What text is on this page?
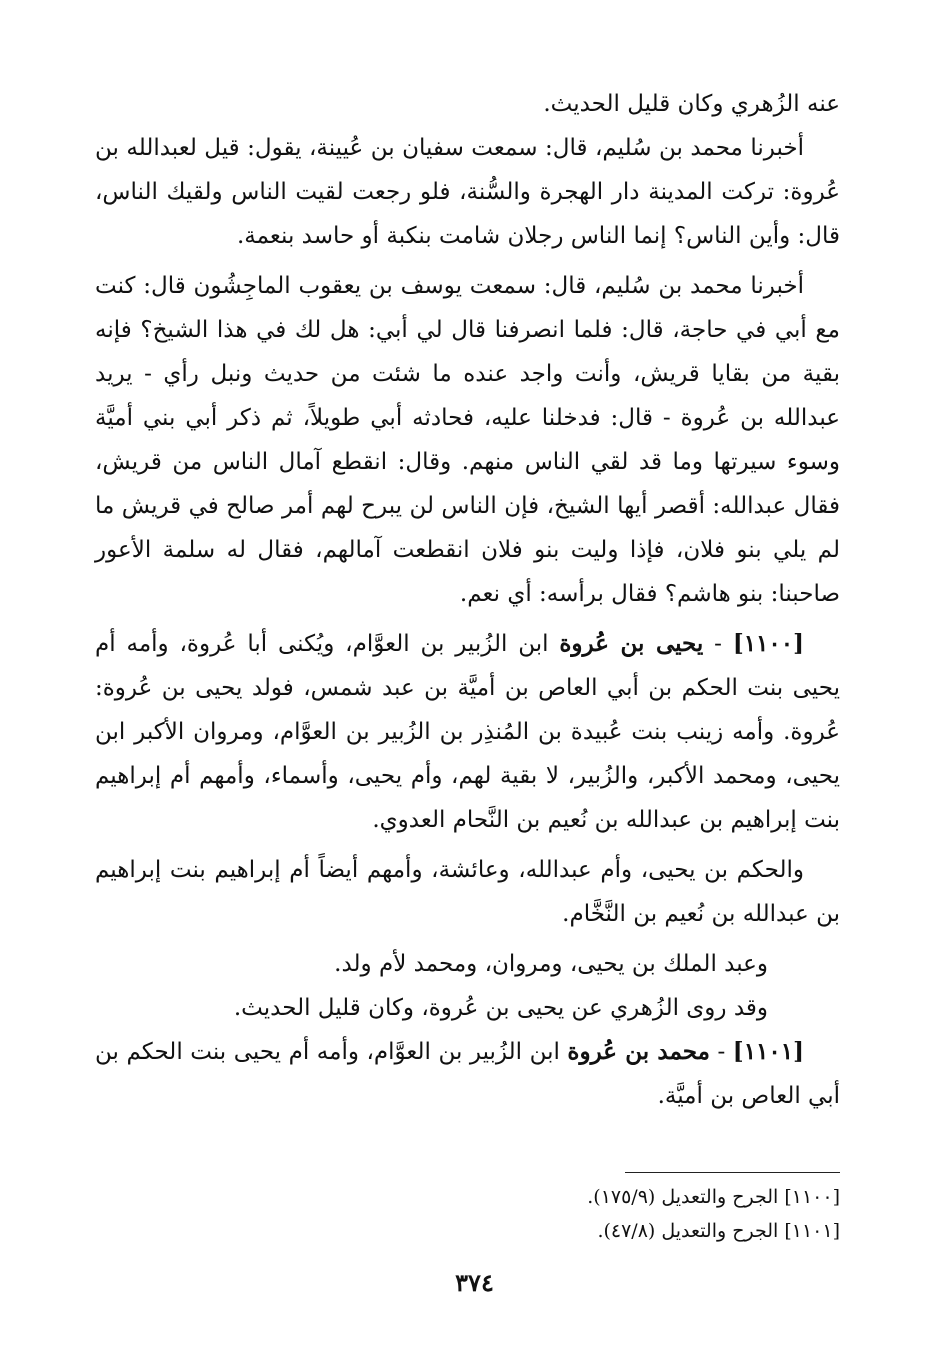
عنه الزُهري وكان قليل الحديث.

أخبرنا محمد بن سُليم، قال: سمعت سفيان بن عُيينة، يقول: قيل لعبدالله بن عُروة: تركت المدينة دار الهجرة والسُّنة، فلو رجعت لقيت الناس ولقيك الناس، قال: وأين الناس؟ إنما الناس رجلان شامت بنكبة أو حاسد بنعمة.

أخبرنا محمد بن سُليم، قال: سمعت يوسف بن يعقوب الماجِشُون قال: كنت مع أبي في حاجة، قال: فلما انصرفنا قال لي أبي: هل لك في هذا الشيخ؟ فإنه بقية من بقايا قريش، وأنت واجد عنده ما شئت من حديث ونبل رأي - يريد عبدالله بن عُروة - قال: فدخلنا عليه، فحادثه أبي طويلاً، ثم ذكر أبي بني أميَّة وسوء سيرتها وما قد لقي الناس منهم. وقال: انقطع آمال الناس من قريش، فقال عبدالله: أقصر أيها الشيخ، فإن الناس لن يبرح لهم أمر صالح في قريش ما لم يلي بنو فلان، فإذا وليت بنو فلان انقطعت آمالهم، فقال له سلمة الأعور صاحبنا: بنو هاشم؟ فقال برأسه: أي نعم.

[١١٠٠] - يحيى بن عُروة ابن الزُبير بن العوَّام، ويُكنى أبا عُروة، وأمه أم يحيى بنت الحكم بن أبي العاص بن أميَّة بن عبد شمس، فولد يحيى بن عُروة: عُروة. وأمه زينب بنت عُبيدة بن المُنذِر بن الزُبير بن العوَّام، ومروان الأكبر ابن يحيى، ومحمد الأكبر، والزُبير، لا بقية لهم، وأم يحيى، وأسماء، وأمهم أم إبراهيم بنت إبراهيم بن عبدالله بن نُعيم بن النَّحام العدوي.

والحكم بن يحيى، وأم عبدالله، وعائشة، وأمهم أيضاً أم إبراهيم بنت إبراهيم بن عبدالله بن نُعيم بن النَّخَّام.

وعبد الملك بن يحيى، ومروان، ومحمد لأم ولد.

وقد روى الزُهري عن يحيى بن عُروة، وكان قليل الحديث.

[١١٠١] - محمد بن عُروة ابن الزُبير بن العوَّام، وأمه أم يحيى بنت الحكم بن أبي العاص بن أميَّة.

[١١٠٠] الجرح والتعديل (١٧٥/٩).

[١١٠١] الجرح والتعديل (٤٧/٨).

٣٧٤
